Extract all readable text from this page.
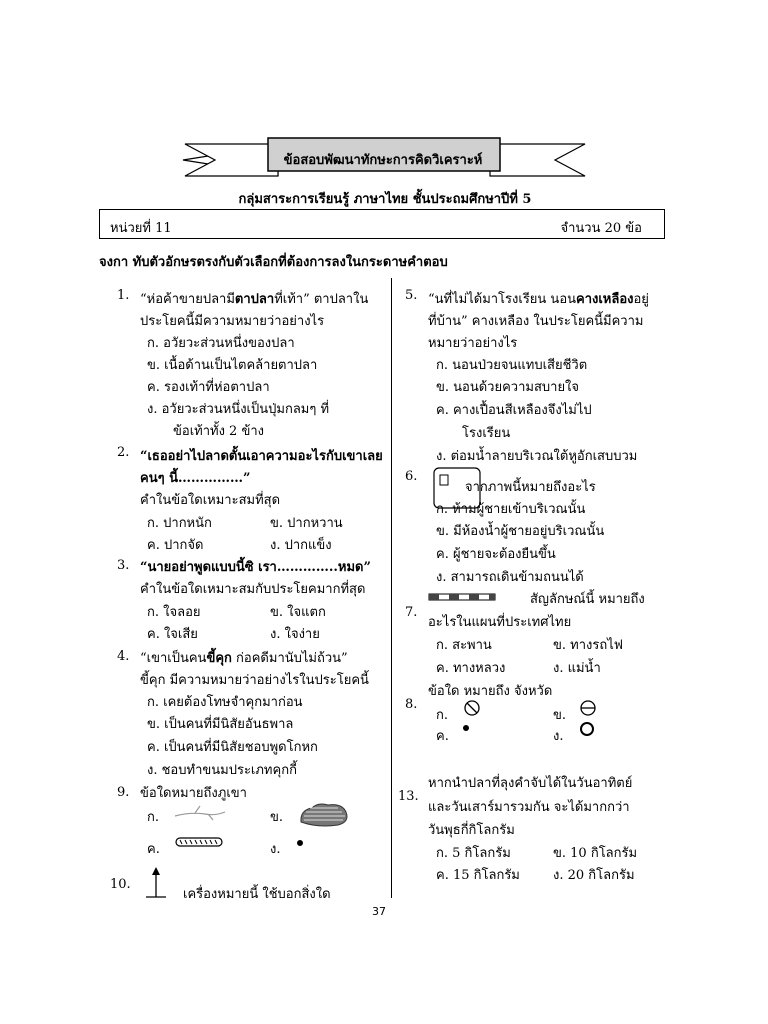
ข้อสอบพัฒนาทักษะการคิดวิเคราะห์
กลุ่มสาระการเรียนรู้ ภาษาไทย ชั้นประถมศึกษาปีที่ 5
หน่วยที่ 11	จำนวน 20 ข้อ
จงกา ทับตัวอักษรตรงกับตัวเลือกที่ต้องการลงในกระดาษคำตอบ
1. “ห่อค้าขายปลามีตาปลาที่เท้า” ตาปลาใน
ประโยคนี้มีความหมายว่าอย่างไร
ก. อวัยวะส่วนหนึ่งของปลา
ข. เนื้อด้านเป็นไตคล้ายตาปลา
ค. รองเท้าที่ห่อตาปลา
ง. อวัยวะส่วนหนึ่งเป็นปุ่มกลมๆ ที่
ข้อเท้าทั้ง 2 ข้าง
2. “เธออย่าไปลาดตั้นเอาความอะไรกับเขาเลย
คนๆ นี้……………”
คำในข้อใดเหมาะสมที่สุด
ก. ปากหนัก	ข. ปากหวาน
ค. ปากจัด	ง. ปากแข็ง
3. “นายอย่าพูดแบบนี้ซิ เรา…………..หมด”
คำในข้อใดเหมาะสมกับประโยคมากที่สุด
ก. ใจลอย	ข. ใจแตก
ค. ใจเสีย	ง. ใจง่าย
4. “เขาเป็นคนขี้คุก ก่อคดีมานับไม่ถ้วน”
ขี้คุก มีความหมายว่าอย่างไรในประโยคนี้
ก. เคยต้องโทษจำคุกมาก่อน
ข. เป็นคนที่มีนิสัยอันธพาล
ค. เป็นคนที่มีนิสัยชอบพูดโกหก
ง. ชอบทำขนมประเภทคุกกี้
9. ข้อใดหมายถึงภูเขา
ก.	ข.
ค.	ง.
10.
เครื่องหมายนี้ ใช้บอกสิ่งใด
5. “นที่ไม่ได้มาโรงเรียน นอนคางเหลืองอยู่
ที่บ้าน” คางเหลือง ในประโยคนี้มีความ
หมายว่าอย่างไร
ก. นอนป่วยจนแทบเสียชีวิต
ข. นอนด้วยความสบายใจ
ค. คางเปื้อนสีเหลืองจึงไม่ไป
โรงเรียน
ง. ต่อมน้ำลายบริเวณใต้หูอักเสบบวม
6.
จากภาพนี้หมายถึงอะไร
ก. ห้ามผู้ชายเข้าบริเวณนั้น
ข. มีห้องน้ำผู้ชายอยู่บริเวณนั้น
ค. ผู้ชายจะต้องยืนขึ้น
ง. สามารถเดินข้ามถนนได้
สัญลักษณ์นี้ หมายถึง
7.
อะไรในแผนที่ประเทศไทย
ก. สะพาน	ข. ทางรถไฟ
ค. ทางหลวง	ง. แม่น้ำ
ข้อใด หมายถึง จังหวัด
8.
ก.	ข.
ค.	ง.
หากนำปลาที่ลุงคำจับได้ในวันอาทิตย์
13.
และวันเสาร์มารวมกัน จะได้มากกว่า
วันพุธกี่กิโลกรัม
ก. 5 กิโลกรัม	ข. 10 กิโลกรัม
ค. 15 กิโลกรัม	ง. 20 กิโลกรัม
37
